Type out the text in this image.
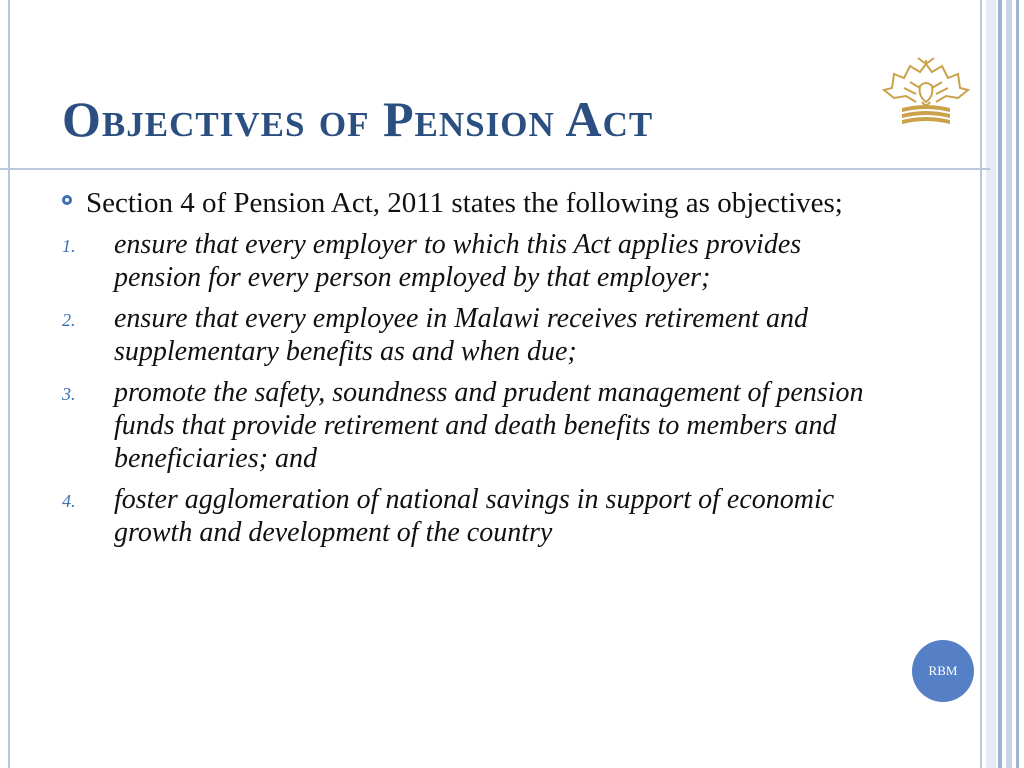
Objectives of Pension Act
Section 4 of Pension Act, 2011 states the following as objectives;
1.	ensure that every employer to which this Act applies provides  pension for every person employed by that employer;
2.	ensure that every employee in Malawi receives retirement and supplementary benefits as and when due;
3.	promote the safety, soundness and prudent management of pension funds that provide retirement and death benefits to members and beneficiaries; and
4.	foster agglomeration of national savings in support of economic growth and development of the country
RBM
